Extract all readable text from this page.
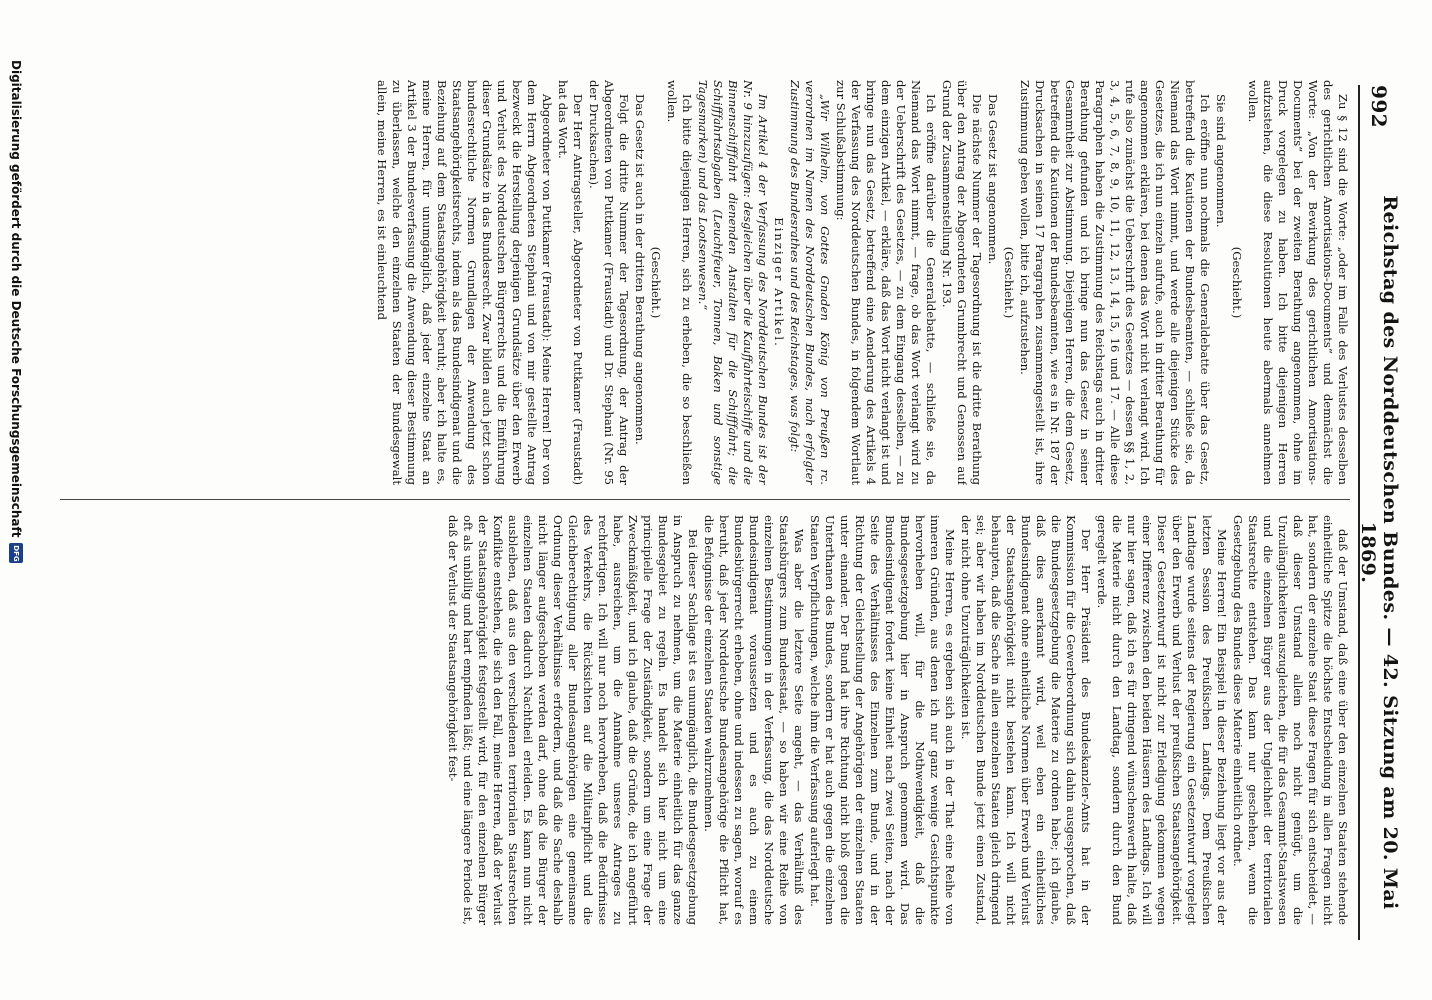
992
Reichstag des Norddeutschen Bundes. — 42. Sitzung am 20. Mai 1869.

Zu § 12 sind die Worte: „oder im Falle des Verlustes desselben des gerichtlichen Amortisations-Documents“ und demnächst die Worte: „Von der Bewirkung des gerichtlichen Amortisations-Documents“ bei der zweiten Berathung angenommen, ohne im Druck vorgelegen zu haben. Ich bitte diejenigen Herren aufzustehen, die diese Resolutionen heute abermals annehmen wollen.

(Geschieht.)

Sie sind angenommen.

Ich eröffne nun nochmals die Generaldebatte über das Gesetz, betreffend die Kautionen der Bundesbeamten, — schließe sie, da Niemand das Wort nimmt, und werde alle diejenigen Stücke des Gesetzes, die ich nun einzeln aufrufe, auch in dritter Berathung für angenommen erklären, bei denen das Wort nicht verlangt wird. Ich rufe also zunächst die Ueberschrift des Gesetzes — dessen §§ 1, 2, 3, 4, 5, 6, 7, 8, 9, 10, 11, 12, 13, 14, 15, 16 und 17. — Alle diese Paragraphen haben die Zustimmung des Reichstags auch in dritter Berathung gefunden und ich bringe nun das Gesetz in seiner Gesammtheit zur Abstimmung. Diejenigen Herren, die dem Gesetz, betreffend die Kautionen der Bundesbeamten, wie es in Nr. 187 der Drucksachen in seinen 17 Paragraphen zusammengestellt ist, ihre Zustimmung geben wollen, bitte ich, aufzustehen.

(Geschieht.)

Das Gesetz ist angenommen.

Die nächste Nummer der Tagesordnung ist die dritte Berathung über den Antrag der Abgeordneten Grumbrecht und Genossen auf Grund der Zusammenstellung Nr. 193.

Ich eröffne darüber die Generaldebatte, — schließe sie, da Niemand das Wort nimmt, — frage, ob das Wort verlangt wird zu der Ueberschrift des Gesetzes, — zu dem Eingang desselben, — zu dem einzigen Artikel, — erkläre, daß das Wort nicht verlangt ist und bringe nun das Gesetz, betreffend eine Aenderung des Artikels 4 der Verfassung des Norddeutschen Bundes, in folgendem Wortlaut zur Schlußabstimmung:

„Wir Wilhelm, von Gottes Gnaden König von Preußen rc. verordnen im Namen des Norddeutschen Bundes, nach erfolgter Zustimmung des Bundesrathes und des Reichstages, was folgt:

Einziger Artikel.

Im Artikel 4 der Verfassung des Norddeutschen Bundes ist der Nr. 9 hinzuzufügen: desgleichen über die Kauffahrteischiffe und die Binnenschifffahrt dienenden Anstalten für die Schifffahrt; die Schifffahrtsabgaben (Leuchtfeuer, Tonnen, Baken und sonstige Tagesmarken) und das Lootsenwesen.“

Ich bitte diejenigen Herren, sich zu erheben, die so beschließen wollen.

(Geschieht.)

Das Gesetz ist auch in der dritten Berathung angenommen.

Folgt die dritte Nummer der Tagesordnung, der Antrag der Abgeordneten von Puttkamer (Fraustadt) und Dr. Stephani (Nr. 95 der Drucksachen).

Der Herr Antragsteller, Abgeordneter von Puttkamer (Fraustadt) hat das Wort.

Abgeordneter von Puttkamer (Fraustadt): Meine Herren! Der von dem Herrn Abgeordneten Stephani und von mir gestellte Antrag bezweckt die Herstellung derjenigen Grundsätze über den Erwerb und Verlust des Norddeutschen Bürgerrechts und die Einführung dieser Grundsätze in das Bundesrecht. Zwar bilden auch jetzt schon bundesrechtliche Normen Grundlagen der Anwendung des Staatsangehörigkeitsrechts, indem als das Bundesindigenat und die Beziehung auf dem Staatsangehörigkeit beruht; aber ich halte es, meine Herren, für unumgänglich, daß jeder einzelne Staat an Artikel 3 der Bundesverfassung die Anwendung dieser Bestimmung zu überlassen, welche den einzelnen Staaten der Bundesgewalt allein, meine Herren, es ist einleuchtend

daß der Umstand, daß eine über den einzelnen Staaten stehende einheitliche Spitze die höchste Entscheidung in allen Fragen nicht hat, sondern der einzelne Staat diese Fragen für sich entscheidet, — daß dieser Umstand allein noch nicht genügt, um die Unzulänglichkeiten auszugleichen, die für das Gesammt-Staatswesen und die einzelnen Bürger aus der Ungleichheit der territorialen Staatsrechte entstehen. Das kann nur geschehen, wenn die Gesetzgebung des Bundes diese Materie einheitlich ordnet.

Meine Herren! Ein Beispiel in dieser Beziehung liegt vor aus der letzten Session des Preußischen Landtags. Dem Preußischen Landtage wurde seitens der Regierung ein Gesetzentwurf vorgelegt über den Erwerb und Verlust der preußischen Staatsangehörigkeit. Dieser Gesetzentwurf ist nicht zur Erledigung gekommen wegen einer Differenz zwischen den beiden Häusern des Landtags. Ich will nur hier sagen, daß ich es für dringend wünschenswerth halte, daß die Materie nicht durch den Landtag, sondern durch den Bund geregelt werde.

Der Herr Präsident des Bundeskanzler-Amts hat in der Kommission für die Gewerbeordnung sich dahin ausgesprochen, daß die Bundesgesetzgebung die Materie zu ordnen habe; ich glaube, daß dies anerkannt wird, weil eben ein einheitliches Bundesindigenat ohne einheitliche Normen über Erwerb und Verlust der Staatsangehörigkeit nicht bestehen kann. Ich will nicht behaupten, daß die Sache in allen einzelnen Staaten gleich dringend sei; aber wir haben im Norddeutschen Bunde jetzt einen Zustand, der nicht ohne Unzuträglichkeiten ist.

Meine Herren, es ergeben sich auch in der That eine Reihe von inneren Gründen, aus denen ich nur ganz wenige Gesichtspunkte hervorheben will, für die Nothwendigkeit, daß die Bundesgesetzgebung hier in Anspruch genommen wird. Das Bundesindigenat fordert keine Einheit nach zwei Seiten, nach der Seite des Verhältnisses des Einzelnen zum Bunde, und in der Richtung der Gleichstellung der Angehörigen der einzelnen Staaten unter einander. Der Bund hat ihre Richtung nicht bloß gegen die Unterthanen des Bundes, sondern er hat auch gegen die einzelnen Staaten Verpflichtungen, welche ihm die Verfassung auferlegt hat.

Was aber die letztere Seite angeht, — das Verhältniß des Staatsbürgers zum Bundesstaat, — so haben wir eine Reihe von einzelnen Bestimmungen in der Verfassung, die das Norddeutsche Bundesindigenat voraussetzen und es auch zu einem Bundesbürgerrecht erheben, ohne und indessen zu sagen, worauf es beruht, daß jeder Norddeutsche Bundesangehörige die Pflicht hat, die Befugnisse der einzelnen Staaten wahrzunehmen.

Bei dieser Sachlage ist es unumgänglich, die Bundesgesetzgebung in Anspruch zu nehmen, um die Materie einheitlich für das ganze Bundesgebiet zu regeln. Es handelt sich hier nicht um eine principielle Frage der Zuständigkeit, sondern um eine Frage der Zweckmäßigkeit, und ich glaube, daß die Gründe, die ich angeführt habe, ausreichen, um die Annahme unseres Antrages zu rechtfertigen. Ich will nur noch hervorheben, daß die Bedürfnisse des Verkehrs, die Rücksichten auf die Militairpflicht und die Gleichberechtigung aller Bundesangehörigen eine gemeinsame Ordnung dieser Verhältnisse erfordern, und daß die Sache deshalb nicht länger aufgeschoben werden darf, ohne daß die Bürger der einzelnen Staaten dadurch Nachtheil erleiden. Es kann nun nicht ausbleiben, daß aus den verschiedenen territorialen Staatsrechten Konflikte entstehen, die sich den Fall, meine Herren, daß der Verlust der Staatsangehörigkeit festgestellt wird, für den einzelnen Bürger oft als unbillig und hart empfinden läßt; und eine längere Periode ist, daß der Verlust der Staatsangehörigkeit fest-

Digitalisierung gefördert durch die Deutsche Forschungsgemeinschaft
DFG
